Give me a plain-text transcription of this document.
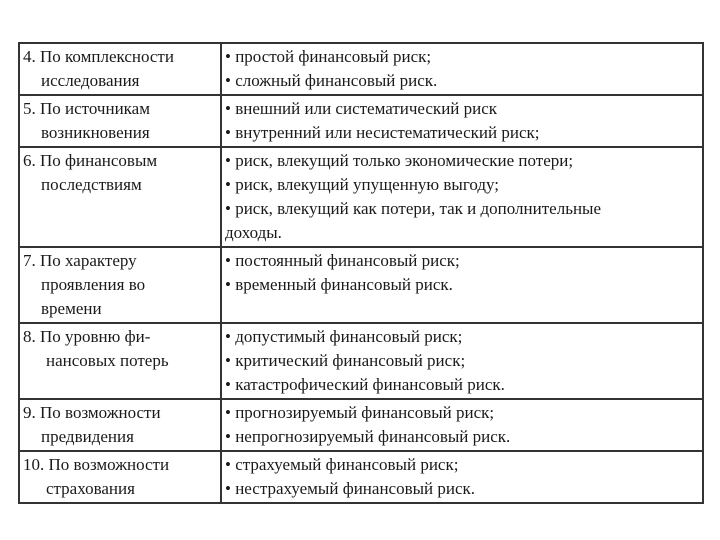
4. По комплексности
исследования	• простой финансовый риск;
• сложный финансовый риск.

5. По источникам
возникновения	• внешний или систематический риск
• внутренний или несистематический риск;

6. По финансовым
последствиям	• риск, влекущий только экономические потери;
• риск, влекущий упущенную выгоду;
• риск, влекущий как потери, так и дополнительные
доходы.

7. По характеру
проявления во
времени	• постоянный финансовый риск;
• временный финансовый риск.

8. По уровню фи-
нансовых потерь	• допустимый финансовый риск;
• критический финансовый риск;
• катастрофический финансовый риск.

9. По возможности
предвидения	• прогнозируемый финансовый риск;
• непрогнозируемый финансовый риск.

10. По возможности
страхования	• страхуемый финансовый риск;
• нестрахуемый финансовый риск.
